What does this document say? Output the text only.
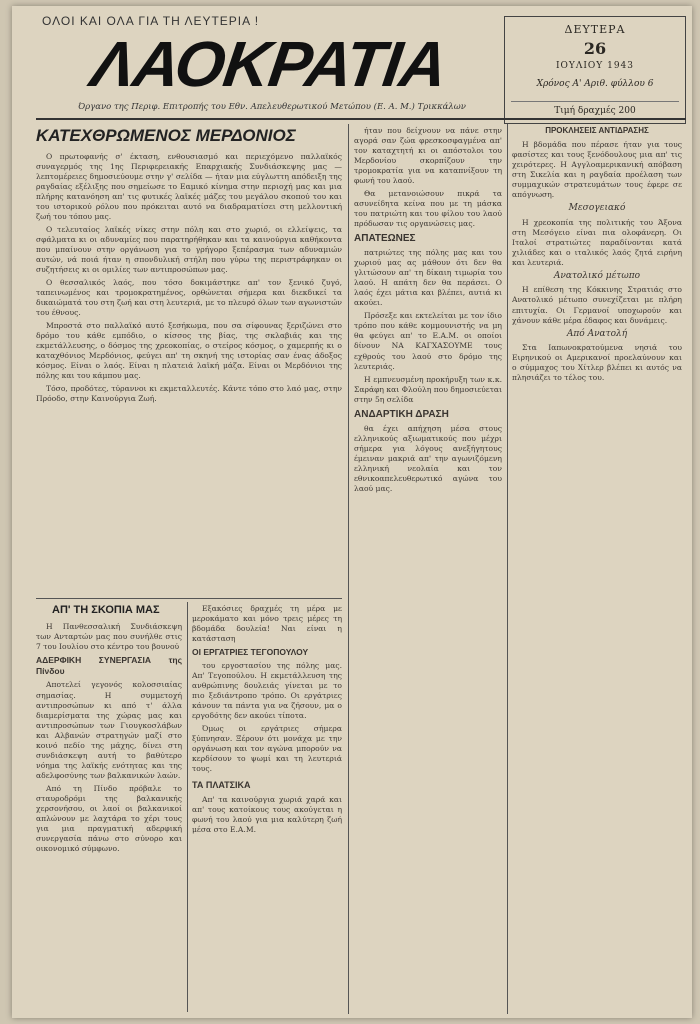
ΟΛΟΙ ΚΑΙ ΟΛΑ ΓΙΑ ΤΗ ΛΕΥΤΕΡΙΑ !
ΛΑΟΚΡΑΤΙΑ
Όργανο της Περιφ. Επιτροπής του Εθν. Απελευθερωτικού Μετώπου (Ε. Α. Μ.) Τρικκάλων
ΔΕΥΤΕΡΑ
26
ΙΟΥΛΙΟΥ 1943
Χρόνος Α' Αριθ. φύλλου 6
Τιμή δραχμές 200
ΚΑΤΕΧΘΡΩΜΕΝΟΣ ΜΕΡΔΟΝΙΟΣ

Ο πρωτοφανής σ' έκταση, ενθουσιασμό και περιεχόμενο παλλαϊκός συναγερμός της 1ης Περιφερειακής Επαρχιακής Συνδιάσκεψης μας — λεπτομέρειες δημοσιεύουμε στην γ' σελίδα — ήταν μια εύγλωττη απόδειξη της ραγδαίας εξέλιξης που σημείωσε το Εαμικό κίνημα στην περιοχή μας και μια πλήρης κατανόηση απ' τις φυτικές λαϊκές μάζες του μεγάλου σκοπού του και του ιστορικού ρόλου που πρόκειται αυτό να διαδραματίσει στη μελλοντική ζωή του τόπου μας.

Ο τελευταίος λαϊκές νίκες στην πόλη και στο χωριό, οι ελλείψεις, τα σφάλματα κι οι αδυναμίες που παρατηρήθηκαν και τα καινούργια καθήκοντα που μπαίνουν στην οργάνωση για το γρήγορο ξεπέρασμα των αδυναμιών αυτών, νά ποιά ήταν η σπονδυλική στήλη που γύρω της περιστράφηκαν οι συζητήσεις κι οι ομιλίες των αντιπροσώπων μας.

Ο θεσσαλικός λαός, που τόσο δοκιμάστηκε απ' τον ξενικό ζυγό, ταπεινωμένος και τρομοκρατημένος, ορθώνεται σήμερα και διεκδικεί τα δικαιώματά του στη ζωή και στη λευτεριά, με το πλευρό όλων των αγωνιστών του έθνους.

Μπροστά στο παλλαϊκό αυτό ξεσήκωμα, που σα σίφουνας ξεριζώνει στο δρόμο του κάθε εμπόδιο, ο κίσσος της βίας, της σκλαβιάς και της εκμετάλλευσης, ο δόσμος της χρεοκοπίας, ο στείρος κόσμος, ο χαμερπής κι ο καταχθόνιος Μερδόνιος, φεύγει απ' τη σκηνή της ιστορίας σαν ένας άδοξος κόσμος. Είναι ο λαός. Είναι η πλατειά λαϊκή μάζα. Είναι οι Μερδόνιοι της πόλης και του κάμπου μας.

Τόσο, προδότες, τύραννοι κι εκμεταλλευτές. Κάντε τόπο στο λαό μας, στην Πρόοδο, στην Καινούργια Ζωή.

ΑΠ' ΤΗ ΣΚΟΠΙΑ ΜΑΣ

Η Πανθεσσαλική Συνδιάσκεψη των Ανταρτών μας που συνήλθε στις 7 του Ιουλίου στο κέντρο του βουνού

ΑΔΕΡΦΙΚΗ ΣΥΝΕΡΓΑΣΙΑ της Πίνδου

Αποτελεί γεγονός κολοσσιαίας σημασίας. Η συμμετοχή αντιπροσώπων κι από τ' άλλα διαμερίσματα της χώρας μας και αντιπροσώπων των Γιουγκοσλάβων και Αλβανών στρατηγών μαζί στο κοινό πεδίο της μάχης, δίνει στη συνδιάσκεψη αυτή το βαθύτερο νόημα της λαϊκής ενότητας και της αδελφοσύνης των βαλκανικών λαών.

Από τη Πίνδο πρόβαλε το σταυροδρόμι της βαλκανικής χερσονήσου, οι λαοί οι βαλκανικοί απλώνουν με λαχτάρα το χέρι τους για μια πραγματική αδερφική συνεργασία πάνω στο σύνορο και οικονομικό σύμφωνο.

Εξακόσιες δραχμές τη μέρα με μεροκάματο και μόνο τρεις μέρες τη βδομάδα δουλεία! Ναι είναι η κατάσταση

ΟΙ ΕΡΓΑΤΡΙΕΣ ΤΕΓΟΠΟΥΛΟΥ

του εργοστασίου της πόλης μας. Απ' Τεγοπούλου. Η εκμετάλλευση της ανθρώπινης δουλειάς γίνεται με το πιο ξεδιάντροπο τρόπο. Οι εργάτριες κάνουν τα πάντα για να ζήσουν, μα ο εργοδότης δεν ακούει τίποτα.

Όμως οι εργάτριες σήμερα ξύπνησαν. Ξέρουν ότι μονάχα με την οργάνωση και τον αγώνα μπορούν να κερδίσουν το ψωμί και τη λευτεριά τους.

ΤΑ ΠΛΑΤΣΙΚΑ

Απ' τα καινούργια χωριά χαρά και απ' τους κατοίκους τους ακούγεται η φωνή του λαού για μια καλύτερη ζωή μέσα στο Ε.Α.Μ.

ήταν που δείχνουν να πάνε στην αγορά σαν ζώα φρεσκοσφαγμένα απ' τον καταχτητή κι οι απόστολοι του Μερδονίου σκορπίζουν την τρομοκρατία για να καταπνίξουν τη φωνή του λαού.

Θα μετανοιώσουν πικρά τα ασυνείδητα κείνα που με τη μάσκα του πατριώτη και του φίλου του λαού πρόδωσαν τις οργανώσεις μας.

ΑΠΑΤΕΩΝΕΣ

πατριώτες της πόλης μας και του χωριού μας ας μάθουν ότι δεν θα γλιτώσουν απ' τη δίκαιη τιμωρία του λαού. Η απάτη δεν θα περάσει. Ο λαός έχει μάτια και βλέπει, αυτιά κι ακούει.

Πρόσεξε και εκτελείται με τον ίδιο τρόπο που κάθε κομμουνιστής να μη θα φεύγει απ' το Ε.Α.Μ. οι οποίοι δίνουν ΝΑ ΚΑΓΧΑΣΟΥΜΕ τους εχθρούς του λαού στο δρόμο της λευτεριάς.

Η εμπνευσμένη προκήρυξη των κ.κ. Σαράφη και Φλούλη που δημοσιεύεται στην 5η σελίδα

ΑΝΔΑΡΤΙΚΗ ΔΡΑΣΗ

θα έχει απήχηση μέσα στους ελληνικούς αξιωματικούς που μέχρι σήμερα για λόγους ανεξήγητους έμειναν μακριά απ' την αγωνιζόμενη ελληνική νεολαία και τον εθνικοαπελευθερωτικό αγώνα του λαού μας.

ΠΡΟΚΛΗΣΕΙΣ ΑΝΤΙΔΡΑΣΗΣ

Η βδομάδα που πέρασε ήταν για τους φασίστες και τους ξενόδουλους μια απ' τις χειρότερες. Η Αγγλοαμερικανική απόβαση στη Σικελία και η ραγδαία προέλαση των συμμαχικών στρατευμάτων τους έφερε σε απόγνωση.

Μεσογειακό

Η χρεοκοπία της πολιτικής του Άξονα στη Μεσόγειο είναι πια ολοφάνερη. Οι Ιταλοί στρατιώτες παραδίνονται κατά χιλιάδες και ο ιταλικός λαός ζητά ειρήνη και λευτεριά.

Ανατολικό μέτωπο

Η επίθεση της Κόκκινης Στρατιάς στο Ανατολικό μέτωπο συνεχίζεται με πλήρη επιτυχία. Οι Γερμανοί υποχωρούν και χάνουν κάθε μέρα έδαφος και δυνάμεις.

Από Ανατολή

Στα Ιαπωνοκρατούμενα νησιά του Ειρηνικού οι Αμερικανοί προελαύνουν και ο σύμμαχος του Χίτλερ βλέπει κι αυτός να πλησιάζει το τέλος του.
